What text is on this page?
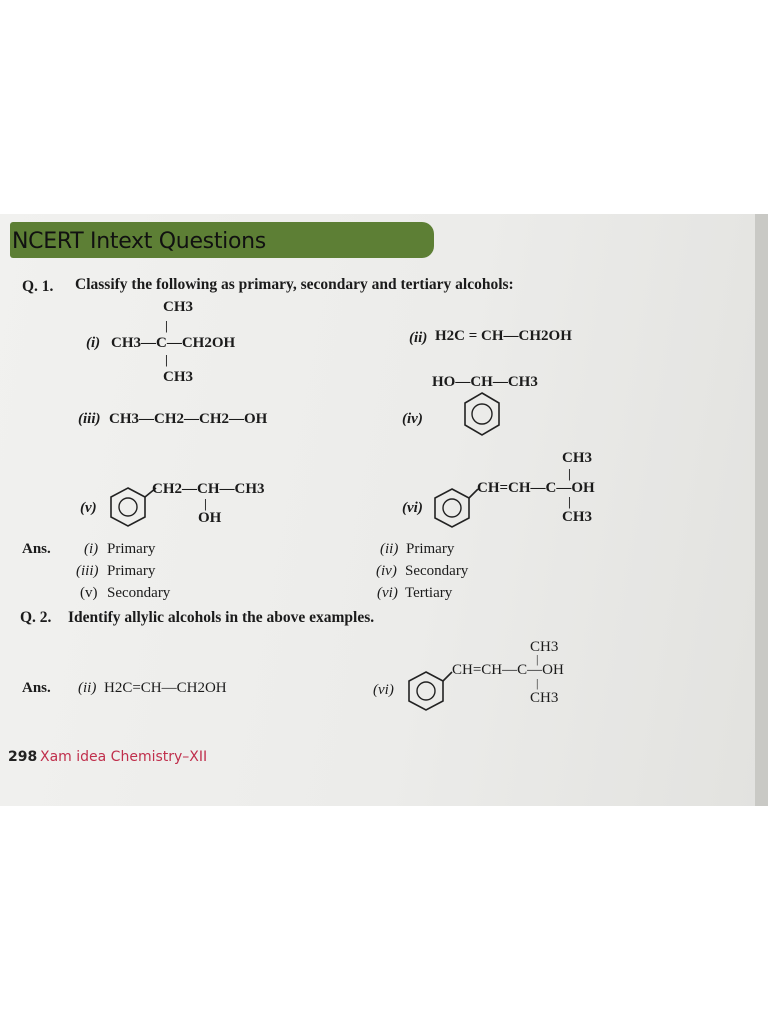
NCERT Intext Questions
Q. 1. Classify the following as primary, secondary and tertiary alcohols:
CH3
|
(i) CH3—C—CH2OH
|
CH3
(ii) H2C = CH—CH2OH
(iii) CH3—CH2—CH2—OH
HO—CH—CH3
(iv)
(v)
CH2—CH—CH3
|
OH
CH3
|
(vi)
CH=CH—C—OH
|
CH3
Ans. (i) Primary	(ii) Primary
(iii) Primary	(iv) Secondary
(v) Secondary	(vi) Tertiary
Q. 2. Identify allylic alcohols in the above examples.
Ans. (ii) H2C=CH—CH2OH	(vi)
CH3
|
CH=CH—C—OH
|
CH3
298 Xam idea Chemistry–XII
